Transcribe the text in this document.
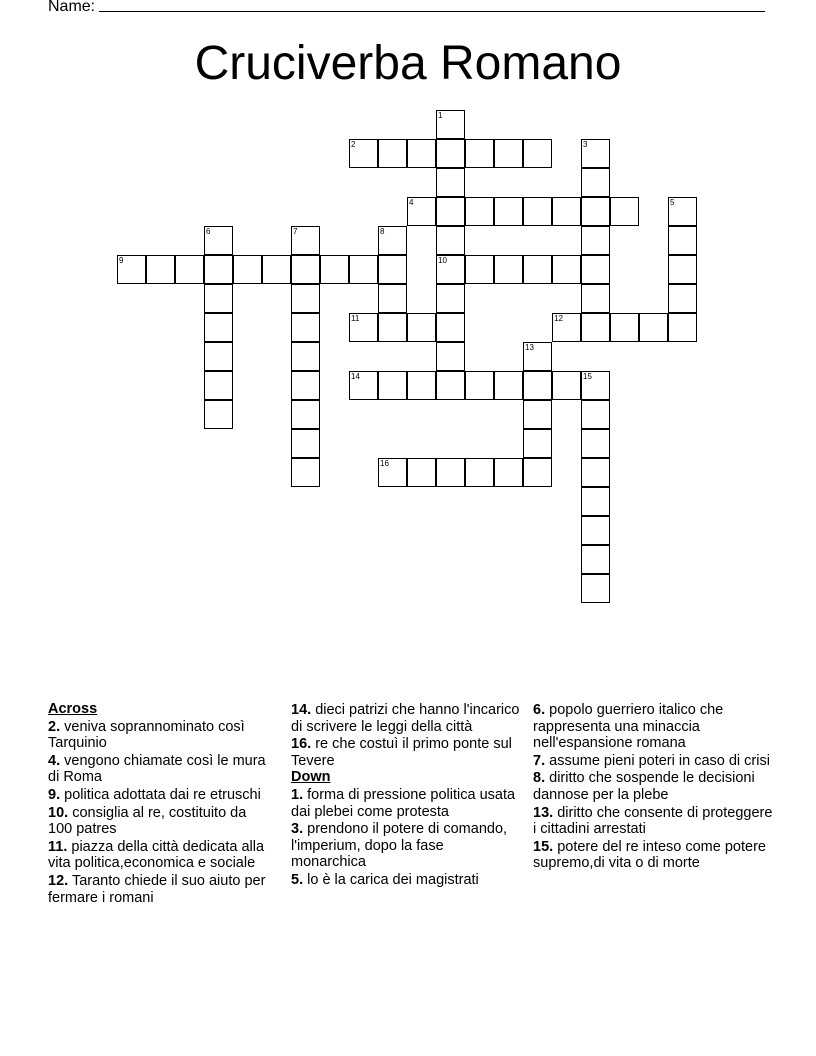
Name:
Cruciverba Romano
1
10
2	3
4	5
6	7	8
9
11	12
13
14	15
16
Across
2. veniva soprannominato così Tarquinio
4. vengono chiamate così le mura di Roma
9. politica adottata dai re etruschi
10. consiglia al re, costituito da 100 patres
11. piazza della città dedicata alla vita politica,economica e sociale
12. Taranto chiede il suo aiuto per fermare i romani
14. dieci patrizi che hanno l'incarico di scrivere le leggi della città
16. re che costuì il primo ponte sul Tevere
Down
1. forma di pressione politica usata dai plebei come protesta
3. prendono il potere di comando, l'imperium, dopo la fase monarchica
5. lo è la carica dei magistrati
6. popolo guerriero italico che rappresenta una minaccia nell'espansione romana
7. assume pieni poteri in caso di crisi
8. diritto che sospende le decisioni dannose per la plebe
13. diritto che consente di proteggere i cittadini arrestati
15. potere del re inteso come potere supremo,di vita o di morte
